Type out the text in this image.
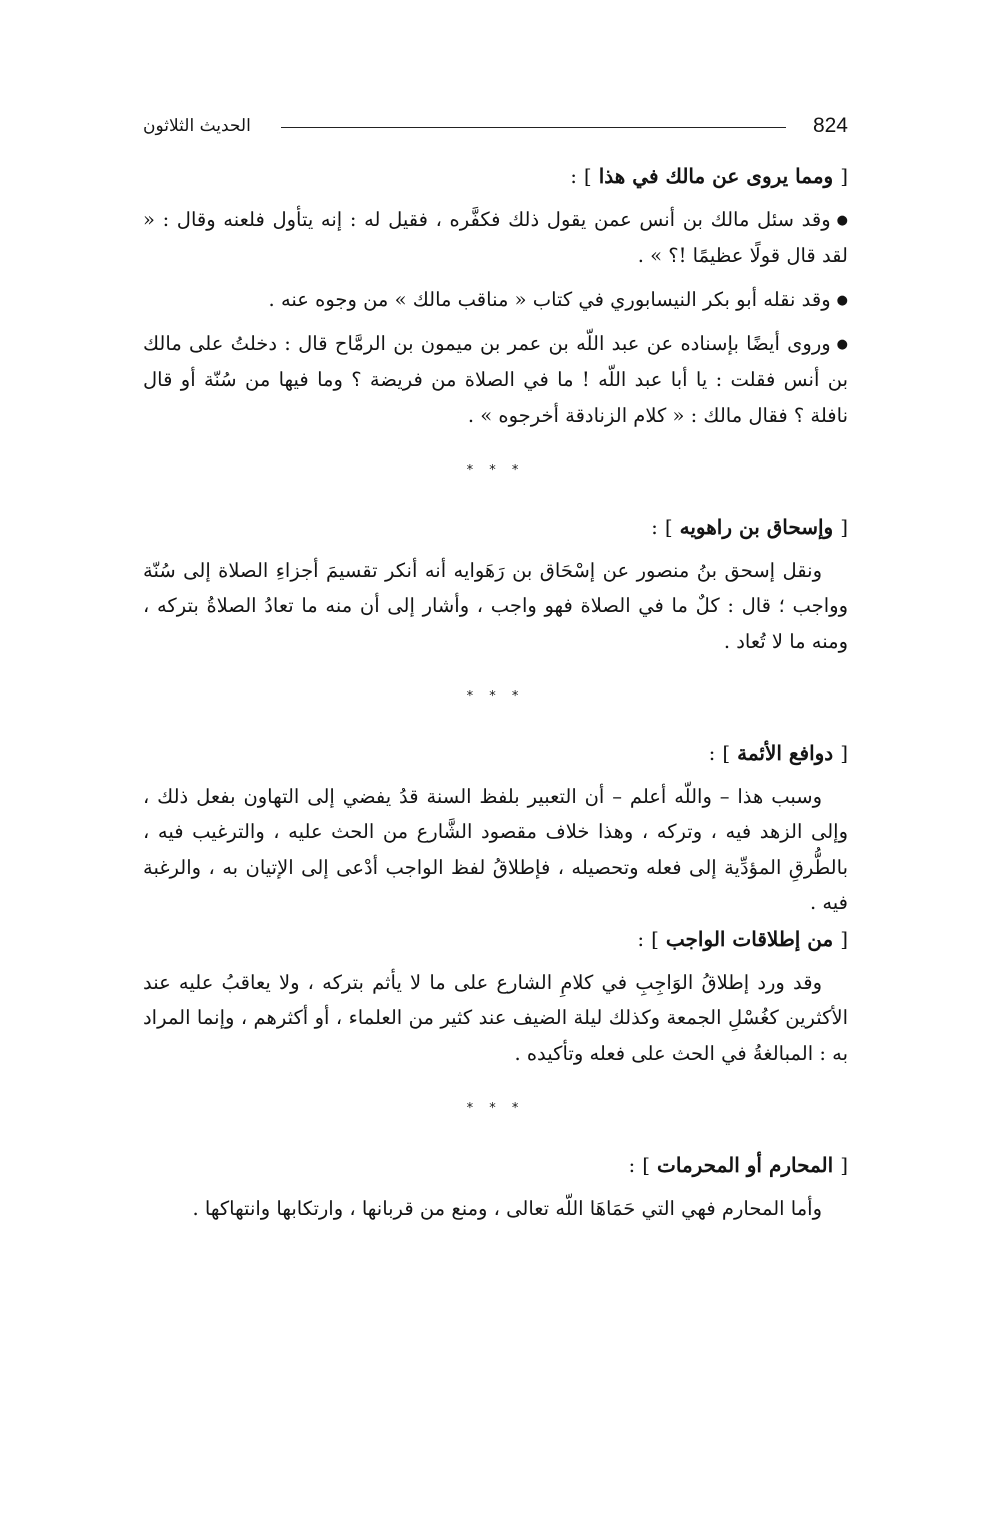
الحديث الثلاثون	824
[ ومما يروى عن مالك في هذا ] :

●وقد سئل مالك بن أنس عمن يقول ذلك فكفَّره ، فقيل له : إنه يتأول فلعنه وقال : « لقد قال قولًا عظيمًا !؟ » .

●وقد نقله أبو بكر النيسابوري في كتاب « مناقب مالك » من وجوه عنه .

●وروى أيضًا بإسناده عن عبد اللّه بن عمر بن ميمون بن الرمَّاح قال : دخلتُ على مالك بن أنس فقلت : يا أبا عبد اللّه ! ما في الصلاة من فريضة ؟ وما فيها من سُنّة أو قال نافلة ؟ فقال مالك : « كلام الزنادقة أخرجوه » .

* * *

[ وإسحاق بن راهويه ] :

ونقل إسحق بنُ منصور عن إسْحَاق بن رَهَوايه أنه أنكر تقسيمَ أجزاءِ الصلاة إلى سُنّة وواجب ؛ قال : كلٌ ما في الصلاة فهو واجب ، وأشار إلى أن منه ما تعادُ الصلاةُ بتركه ، ومنه ما لا تُعاد .

* * *

[ دوافع الأئمة ] :

وسبب هذا – واللّه أعلم – أن التعبير بلفظ السنة قدُ يفضي إلى التهاون بفعل ذلك ، وإلى الزهد فيه ، وتركه ، وهذا خلاف مقصود الشَّارع من الحث عليه ، والترغيب فيه ، بالطُّرقِ المؤدِّية إلى فعله وتحصيله ، فإطلاقُ لفظ الواجب أدْعى إلى الإتيان به ، والرغبة فيه .

[ من إطلاقات الواجب ] :

وقد ورد إطلاقُ الوَاجِبِ في كلامِ الشارع على ما لا يأثم بتركه ، ولا يعاقبُ عليه عند الأكثرين كغُسْلِ الجمعة وكذلك ليلة الضيف عند كثير من العلماء ، أو أكثرهم ، وإنما المراد به : المبالغةُ في الحث على فعله وتأكيده .

* * *

[ المحارم أو المحرمات ] :

وأما المحارم فهي التي حَمَاهَا اللّه تعالى ، ومنع من قربانها ، وارتكابها وانتهاكها .
